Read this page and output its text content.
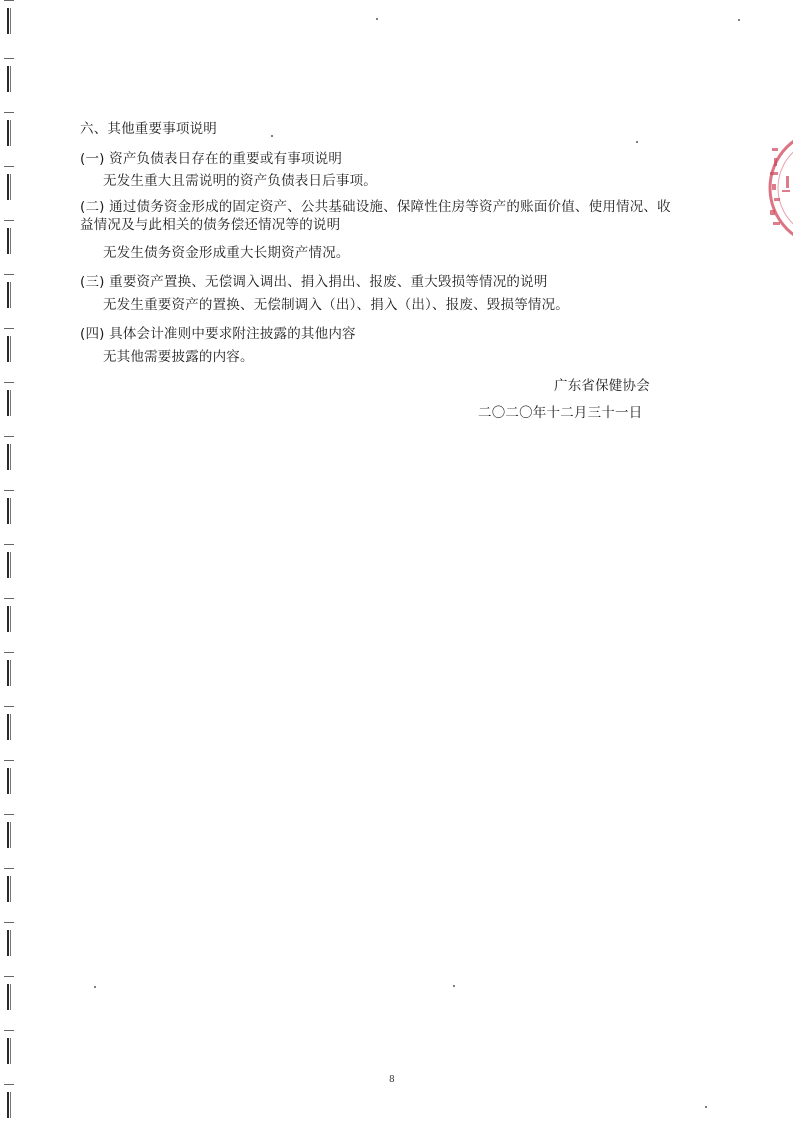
六、其他重要事项说明
(一) 资产负债表日存在的重要或有事项说明
无发生重大且需说明的资产负债表日后事项。
(二) 通过债务资金形成的固定资产、公共基础设施、保障性住房等资产的账面价值、使用情况、收
益情况及与此相关的债务偿还情况等的说明
无发生债务资金形成重大长期资产情况。
(三) 重要资产置换、无偿调入调出、捐入捐出、报废、重大毁损等情况的说明
无发生重要资产的置换、无偿制调入（出）、捐入（出）、报废、毁损等情况。
(四) 具体会计准则中要求附注披露的其他内容
无其他需要披露的内容。
广东省保健协会
二〇二〇年十二月三十一日
8
